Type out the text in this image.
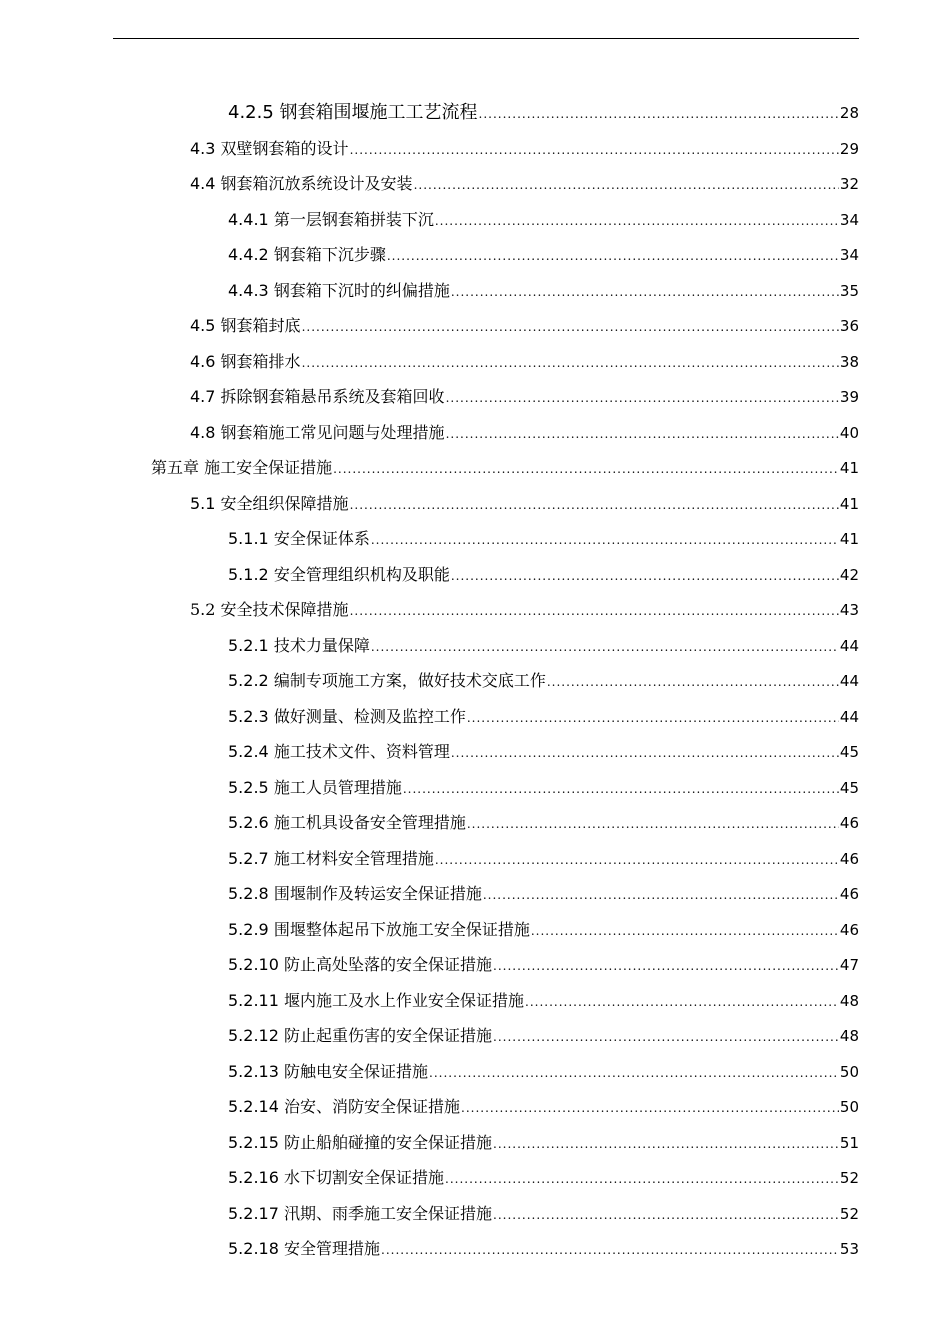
4.2.5 钢套箱围堰施工工艺流程 .....	28
4.3 双壁钢套箱的设计 .....	29
4.4 钢套箱沉放系统设计及安装 .....	32
4.4.1 第一层钢套箱拼装下沉 .....	34
4.4.2 钢套箱下沉步骤 .....	34
4.4.3 钢套箱下沉时的纠偏措施 .....	35
4.5 钢套箱封底 .....	36
4.6 钢套箱排水 .....	38
4.7 拆除钢套箱悬吊系统及套箱回收 .....	39
4.8 钢套箱施工常见问题与处理措施 .....	40
第五章 施工安全保证措施 .....	41
5.1 安全组织保障措施 .....	41
5.1.1 安全保证体系 .....	41
5.1.2 安全管理组织机构及职能 .....	42
5.2 安全技术保障措施 .....	43
5.2.1 技术力量保障 .....	44
5.2.2 编制专项施工方案，做好技术交底工作 .....	44
5.2.3 做好测量、检测及监控工作 .....	44
5.2.4 施工技术文件、资料管理 .....	45
5.2.5 施工人员管理措施 .....	45
5.2.6 施工机具设备安全管理措施 .....	46
5.2.7 施工材料安全管理措施 .....	46
5.2.8 围堰制作及转运安全保证措施 .....	46
5.2.9 围堰整体起吊下放施工安全保证措施 .....	46
5.2.10 防止高处坠落的安全保证措施 .....	47
5.2.11 堰内施工及水上作业安全保证措施 .....	48
5.2.12 防止起重伤害的安全保证措施 .....	48
5.2.13 防触电安全保证措施 .....	50
5.2.14 治安、消防安全保证措施 .....	50
5.2.15 防止船舶碰撞的安全保证措施 .....	51
5.2.16 水下切割安全保证措施 .....	52
5.2.17 汛期、雨季施工安全保证措施 .....	52
5.2.18 安全管理措施 .....	53
